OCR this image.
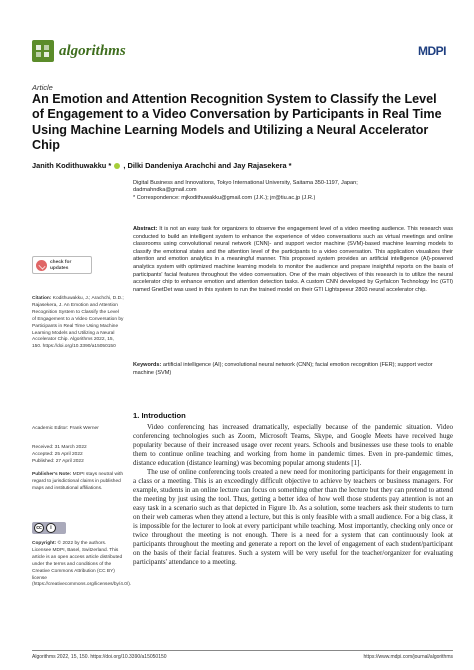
algorithms	MDPI
Article
An Emotion and Attention Recognition System to Classify the Level of Engagement to a Video Conversation by Participants in Real Time Using Machine Learning Models and Utilizing a Neural Accelerator Chip
Janith Kodithuwakku * , Dilki Dandeniya Arachchi and Jay Rajasekera *
Digital Business and Innovations, Tokyo International University, Saitama 350-1197, Japan;
dadmahndka@gmail.com
* Correspondence: mjkodithuwakku@gmail.com (J.K.); jrr@tiu.ac.jp (J.R.)
Abstract: It is not an easy task for organizers to observe the engagement level of a video meeting audience. This research was conducted to build an intelligent system to enhance the experience of video conversations such as virtual meetings and online classrooms using convolutional neural network (CNN)- and support vector machine (SVM)-based machine learning models to classify the emotional states and the attention level of the participants to a video conversation. This application visualizes their attention and emotion analytics in a meaningful manner. This proposed system provides an artificial intelligence (AI)-powered analytics system with optimized machine learning models to monitor the audience and prepare insightful reports on the basis of participants' facial features throughout the video conversation. One of the main objectives of this research is to utilize the neural accelerator chip to enhance emotion and attention detection tasks. A custom CNN developed by Gyrfalcon Technology Inc (GTI) named GnetDet was used in this system to run the trained model on their GTI Lightspeeur 2803 neural accelerator chip.
Keywords: artificial intelligence (AI); convolutional neural network (CNN); facial emotion recognition (FER); support vector machine (SVM)
check for
updates
Citation: Kodithuwakku, J.; Arachchi, D.D.; Rajasekera, J. An Emotion and Attention Recognition System to Classify the Level of Engagement to a Video Conversation by Participants in Real Time Using Machine Learning Models and Utilizing a Neural Accelerator Chip. Algorithms 2022, 15, 150. https://doi.org/10.3390/a15050150
Academic Editor: Frank Werner
Received: 31 March 2022
Accepted: 25 April 2022
Published: 27 April 2022
Publisher's Note: MDPI stays neutral with regard to jurisdictional claims in published maps and institutional affiliations.
cc	i
Copyright: © 2022 by the authors. Licensee MDPI, Basel, Switzerland. This article is an open access article distributed under the terms and conditions of the Creative Commons Attribution (CC BY) license (https://creativecommons.org/licenses/by/4.0/).
1. Introduction

Video conferencing has increased dramatically, especially because of the pandemic situation. Video conferencing technologies such as Zoom, Microsoft Teams, Skype, and Google Meets have received huge popularity because of their increased usage over recent years. Schools and businesses use these tools to enable them to continue online teaching and working from home in pandemic times. Even in pre-pandemic times, distance education (distance learning) was becoming popular among students [1].

The use of online conferencing tools created a new need for monitoring participants for their engagement in a class or a meeting. This is an exceedingly difficult objective to achieve by teachers or business managers. For example, students in an online lecture can focus on something other than the lecture but they can pretend to attend the meeting by just using the tool. Thus, getting a better idea of how well those students pay attention is not an easy task in a scenario such as that depicted in Figure 1b. As a solution, some teachers ask their students to turn on their web cameras when they attend a lecture, but this is only feasible with a small audience. For a big class, it is impossible for the lecturer to look at every participant while teaching. Most importantly, checking only once or twice throughout the meeting is not enough. There is a need for a system that can continuously look at participants throughout the meeting and generate a report on the level of engagement of each student/participant on the basis of their facial features. Such a system will be very useful for the teacher/organizer for evaluating participants' attendance to a meeting.

Algorithms 2022, 15, 150. https://doi.org/10.3390/a15050150	https://www.mdpi.com/journal/algorithms
